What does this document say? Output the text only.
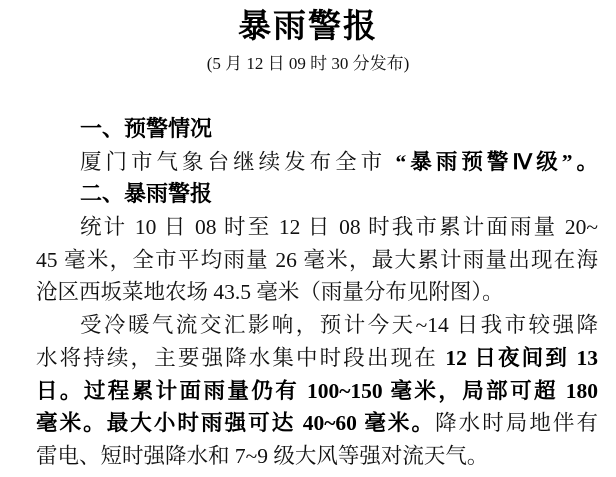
暴雨警报
(5 月 12 日 09 时 30 分发布)
一、预警情况
厦门市气象台继续发布全市 “暴雨预警Ⅳ级”。
二、暴雨警报
统计 10 日 08 时至 12 日 08 时我市累计面雨量 20~
45 毫米，全市平均雨量 26 毫米，最大累计雨量出现在海
沧区西坂菜地农场 43.5 毫米（雨量分布见附图）。
受冷暖气流交汇影响，预计今天~14 日我市较强降
水将持续，主要强降水集中时段出现在 12 日夜间到 13
日。过程累计面雨量仍有 100~150 毫米，局部可超 180
毫米。最大小时雨强可达 40~60 毫米。降水时局地伴有
雷电、短时强降水和 7~9 级大风等强对流天气。
